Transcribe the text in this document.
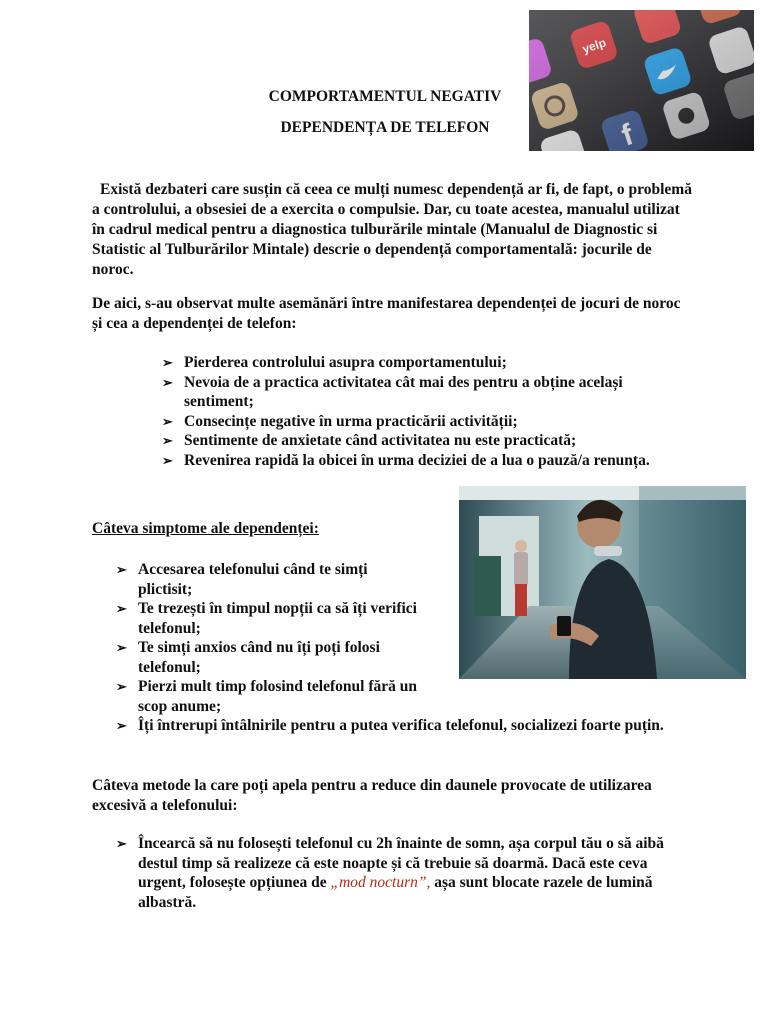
COMPORTAMENTUL NEGATIV
DEPENDENȚA DE TELEFON
Există dezbateri care susțin că ceea ce mulți numesc dependență ar fi, de fapt, o problemă a controlului, a obsesiei de a exercita o compulsie. Dar, cu toate acestea, manualul utilizat în cadrul medical pentru a diagnostica tulburările mintale (Manualul de Diagnostic si Statistic al Tulburărilor Mintale) descrie o dependență comportamentală: jocurile de noroc.
De aici, s-au observat multe asemănări între manifestarea dependenței de jocuri de noroc și cea a dependenței de telefon:
➢ Pierderea controlului asupra comportamentului;
➢ Nevoia de a practica activitatea cât mai des pentru a obține același sentiment;
➢ Consecințe negative în urma practicării activității;
➢ Sentimente de anxietate când activitatea nu este practicată;
➢ Revenirea rapidă la obicei în urma deciziei de a lua o pauză/a renunța.
Câteva simptome ale dependenței:
➢ Accesarea telefonului când te simți plictisit;
➢ Te trezești în timpul nopții ca să îți verifici telefonul;
➢ Te simți anxios când nu îți poți folosi telefonul;
➢ Pierzi mult timp folosind telefonul fără un scop anume;
➢ Îți întrerupi întâlnirile pentru a putea verifica telefonul, socializezi foarte puțin.
Câteva metode la care poți apela pentru a reduce din daunele provocate de utilizarea excesivă a telefonului:
➢ Încearcă să nu folosești telefonul cu 2h înainte de somn, așa corpul tău o să aibă destul timp să realizeze că este noapte și că trebuie să doarmă. Dacă este ceva urgent, folosește opțiunea de „mod nocturn”, așa sunt blocate razele de lumină albastră.
